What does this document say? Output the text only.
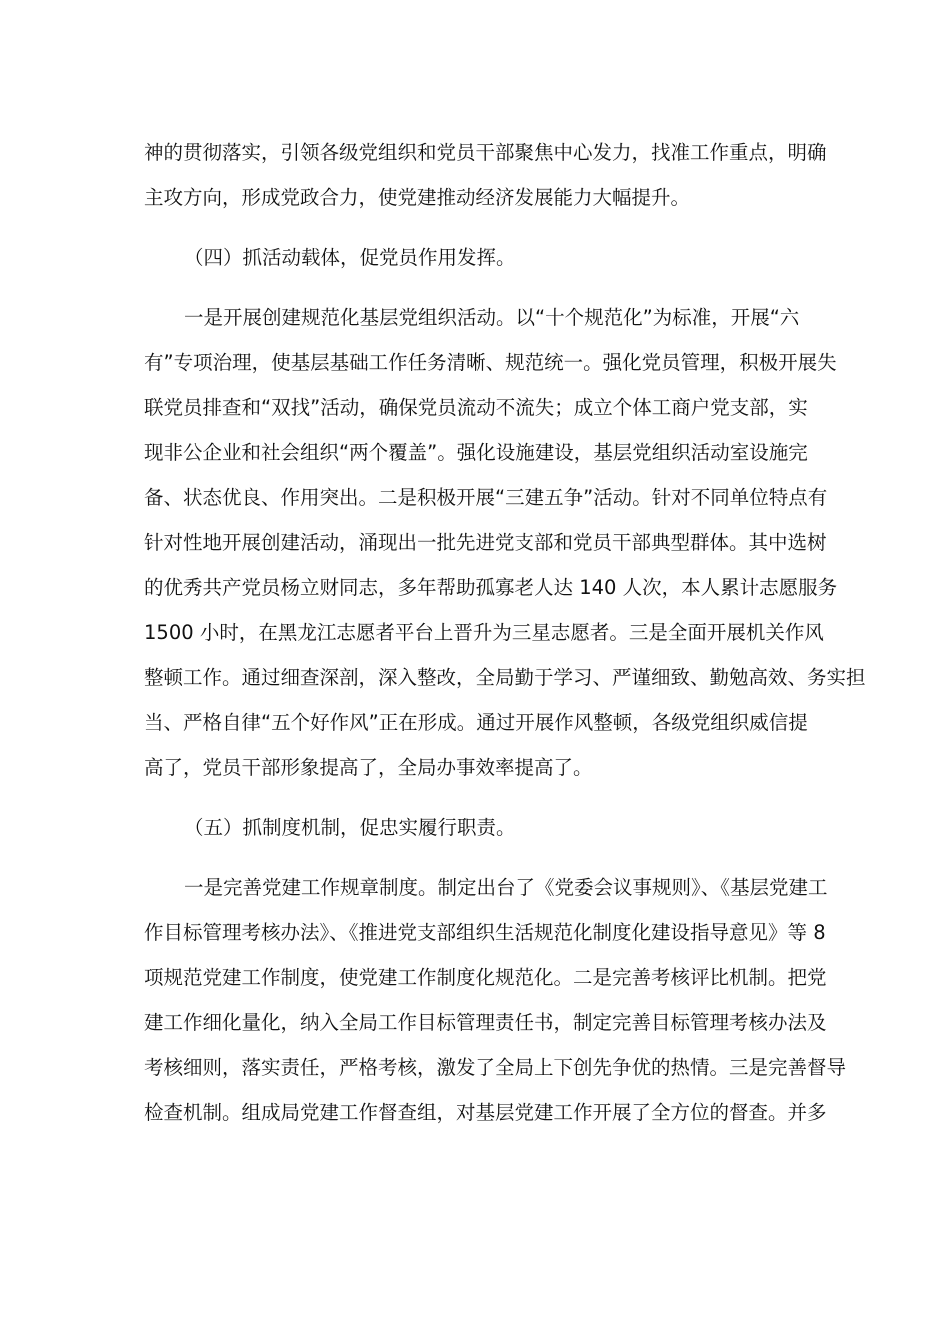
神的贯彻落实，引领各级党组织和党员干部聚焦中心发力，找准工作重点，明确
主攻方向，形成党政合力，使党建推动经济发展能力大幅提升。
（四）抓活动载体，促党员作用发挥。
一是开展创建规范化基层党组织活动。以“十个规范化”为标准，开展“六
有”专项治理，使基层基础工作任务清晰、规范统一。强化党员管理，积极开展失
联党员排查和“双找”活动，确保党员流动不流失；成立个体工商户党支部，实
现非公企业和社会组织“两个覆盖”。强化设施建设，基层党组织活动室设施完
备、状态优良、作用突出。二是积极开展“三建五争”活动。针对不同单位特点有
针对性地开展创建活动，涌现出一批先进党支部和党员干部典型群体。其中选树
的优秀共产党员杨立财同志，多年帮助孤寡老人达 140 人次，本人累计志愿服务
1500 小时，在黑龙江志愿者平台上晋升为三星志愿者。三是全面开展机关作风
整顿工作。通过细查深剖，深入整改，全局勤于学习、严谨细致、勤勉高效、务实担
当、严格自律“五个好作风”正在形成。通过开展作风整顿，各级党组织威信提
高了，党员干部形象提高了，全局办事效率提高了。
（五）抓制度机制，促忠实履行职责。
一是完善党建工作规章制度。制定出台了《党委会议事规则》、《基层党建工
作目标管理考核办法》、《推进党支部组织生活规范化制度化建设指导意见》等 8
项规范党建工作制度，使党建工作制度化规范化。二是完善考核评比机制。把党
建工作细化量化，纳入全局工作目标管理责任书，制定完善目标管理考核办法及
考核细则，落实责任，严格考核，激发了全局上下创先争优的热情。三是完善督导
检查机制。组成局党建工作督查组，对基层党建工作开展了全方位的督查。并多
